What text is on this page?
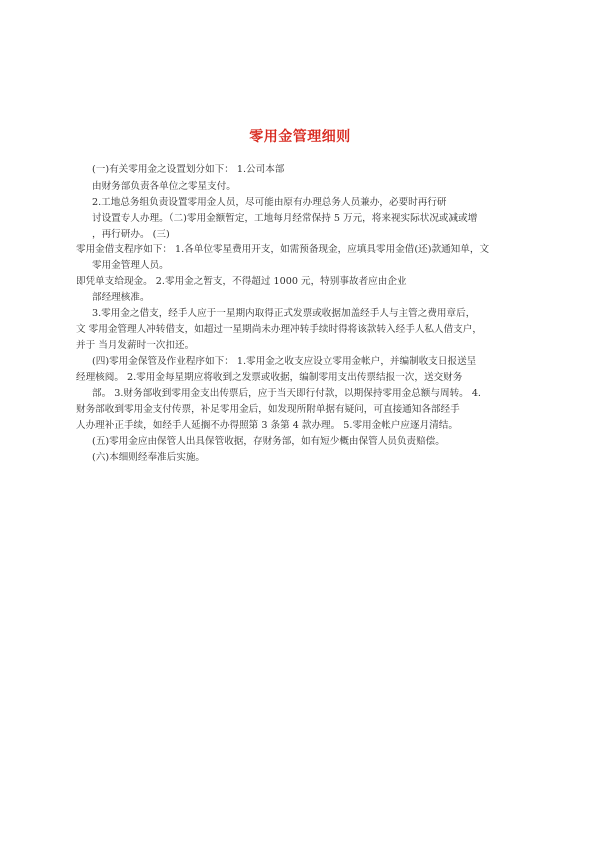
零用金管理细则
(一)有关零用金之设置划分如下： 1.公司本部
由财务部负责各单位之零星支付。
2.工地总务组负责设置零用金人员，尽可能由原有办理总务人员兼办，必要时再行研
讨设置专人办理。（二)零用金额暂定，工地每月经常保持 5 万元，将来视实际状况或减或增
，再行研办。 (三)
零用金借支程序如下： 1.各单位零星费用开支，如需预备现金，应填具零用金借(还)款通知单，文
零用金管理人员。
即凭单支给现金。 2.零用金之暂支，不得超过 1000 元，特别事故者应由企业
部经理核准。
3.零用金之借支，经手人应于一星期内取得正式发票或收据加盖经手人与主管之费用章后，
文 零用金管理人冲转借支，如超过一星期尚未办理冲转手续时得将该款转入经手人私人借支户，
并于 当月发薪时一次扣还。
(四)零用金保管及作业程序如下： 1.零用金之收支应设立零用金帐户，并编制收支日报送呈
经理核阅。 2.零用金每星期应将收到之发票或收据，编制零用支出传票结报一次，送交财务
部。 3.财务部收到零用金支出传票后，应于当天即行付款，以期保持零用金总额与周转。 4.
财务部收到零用金支付传票，补足零用金后，如发现所附单据有疑问，可直接通知各部经手
人办理补正手续，如经手人延搁不办得照第 3 条第 4 款办理。 5.零用金帐户应逐月清结。
(五)零用金应由保管人出具保管收据，存财务部，如有短少概由保管人员负责赔偿。
(六)本细则经奉准后实施。
